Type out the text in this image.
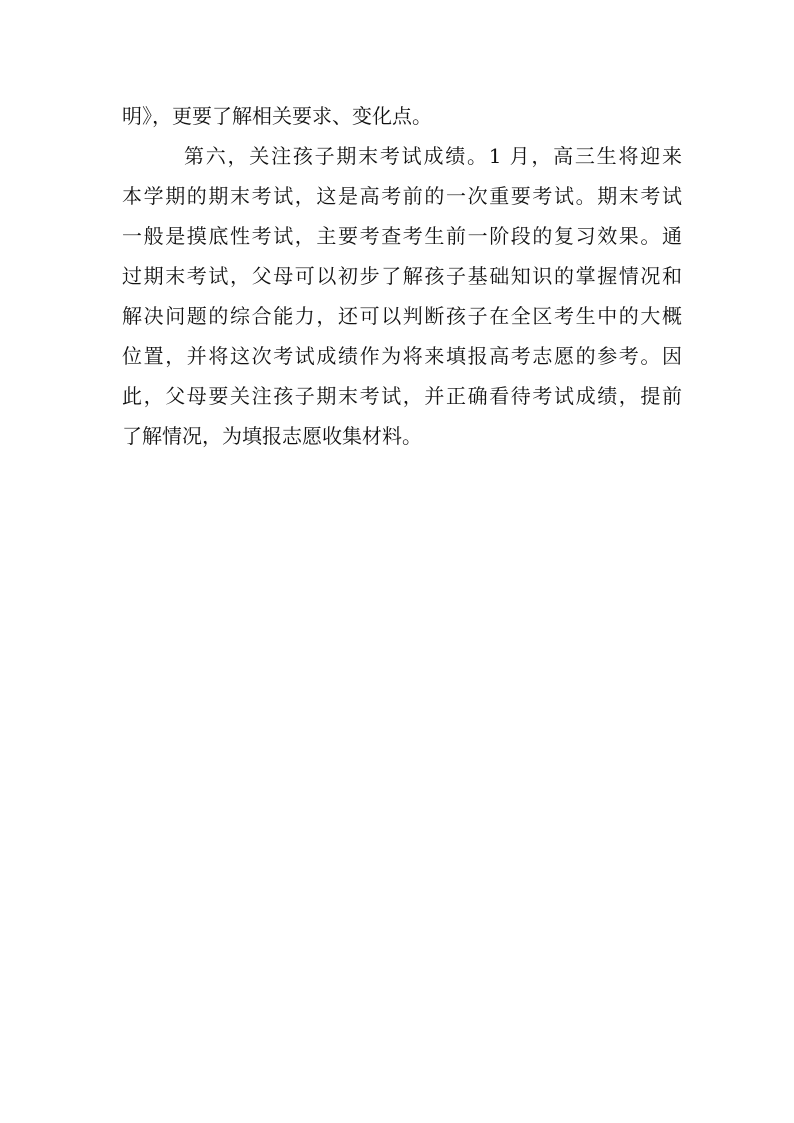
明》，更要了解相关要求、变化点。
第六，关注孩子期末考试成绩。1 月，高三生将迎来
本学期的期末考试，这是高考前的一次重要考试。期末考试
一般是摸底性考试，主要考查考生前一阶段的复习效果。通
过期末考试，父母可以初步了解孩子基础知识的掌握情况和
解决问题的综合能力，还可以判断孩子在全区考生中的大概
位置，并将这次考试成绩作为将来填报高考志愿的参考。因
此，父母要关注孩子期末考试，并正确看待考试成绩，提前
了解情况，为填报志愿收集材料。
